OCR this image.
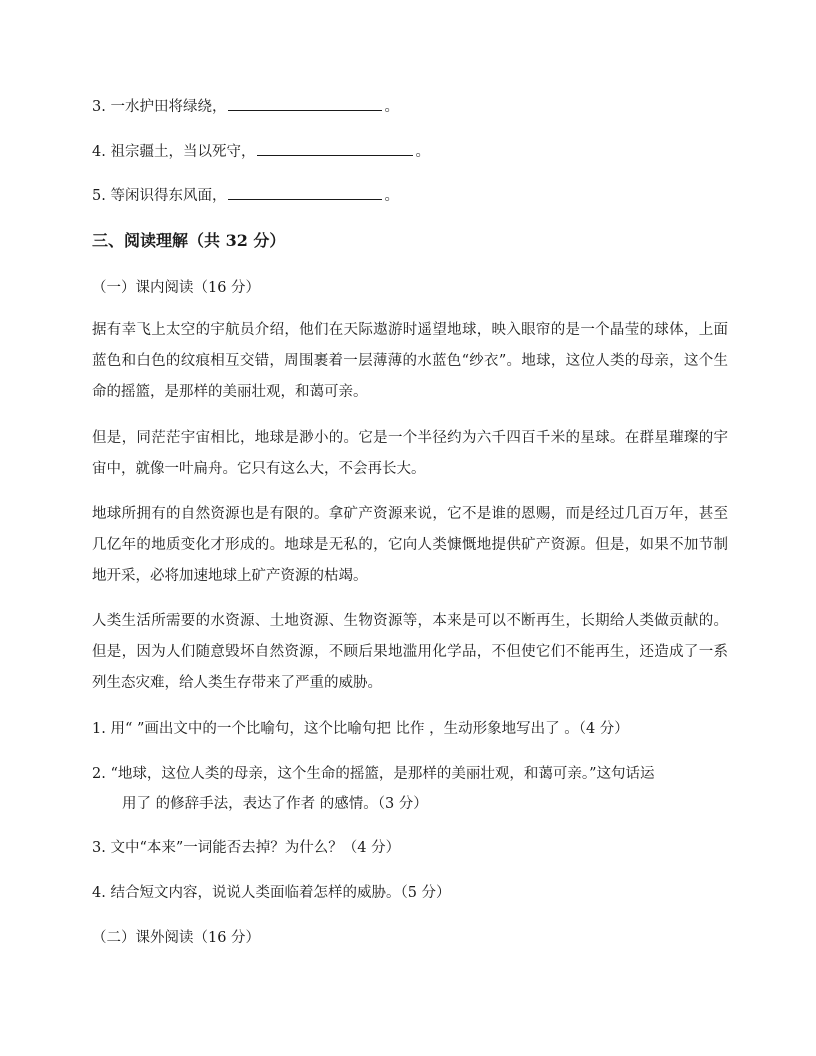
3. 一水护田将绿绕，	。
4. 祖宗疆土，当以死守，	。
5. 等闲识得东风面，	。
三、阅读理解（共 32 分）
（一）课内阅读（16 分）
据有幸飞上太空的宇航员介绍，他们在天际遨游时遥望地球，映入眼帘的是一个晶莹的球体，上面蓝色和白色的纹痕相互交错，周围裹着一层薄薄的水蓝色“纱衣”。地球，这位人类的母亲，这个生命的摇篮，是那样的美丽壮观，和蔼可亲。
但是，同茫茫宇宙相比，地球是渺小的。它是一个半径约为六千四百千米的星球。在群星璀璨的宇宙中，就像一叶扁舟。它只有这么大，不会再长大。
地球所拥有的自然资源也是有限的。拿矿产资源来说，它不是谁的恩赐，而是经过几百万年，甚至几亿年的地质变化才形成的。地球是无私的，它向人类慷慨地提供矿产资源。但是，如果不加节制地开采，必将加速地球上矿产资源的枯竭。
人类生活所需要的水资源、土地资源、生物资源等，本来是可以不断再生，长期给人类做贡献的。但是，因为人们随意毁坏自然资源，不顾后果地滥用化学品，不但使它们不能再生，还造成了一系列生态灾难，给人类生存带来了严重的威胁。
1. 用“ ”画出文中的一个比喻句，这个比喻句把 比作 ，生动形象地写出了 。（4 分）
2. “地球，这位人类的母亲，这个生命的摇篮，是那样的美丽壮观，和蔼可亲。”这句话运
用了 的修辞手法，表达了作者 的感情。（3 分）
3. 文中“本来”一词能否去掉？为什么？（4 分）
4. 结合短文内容，说说人类面临着怎样的威胁。（5 分）
（二）课外阅读（16 分）
